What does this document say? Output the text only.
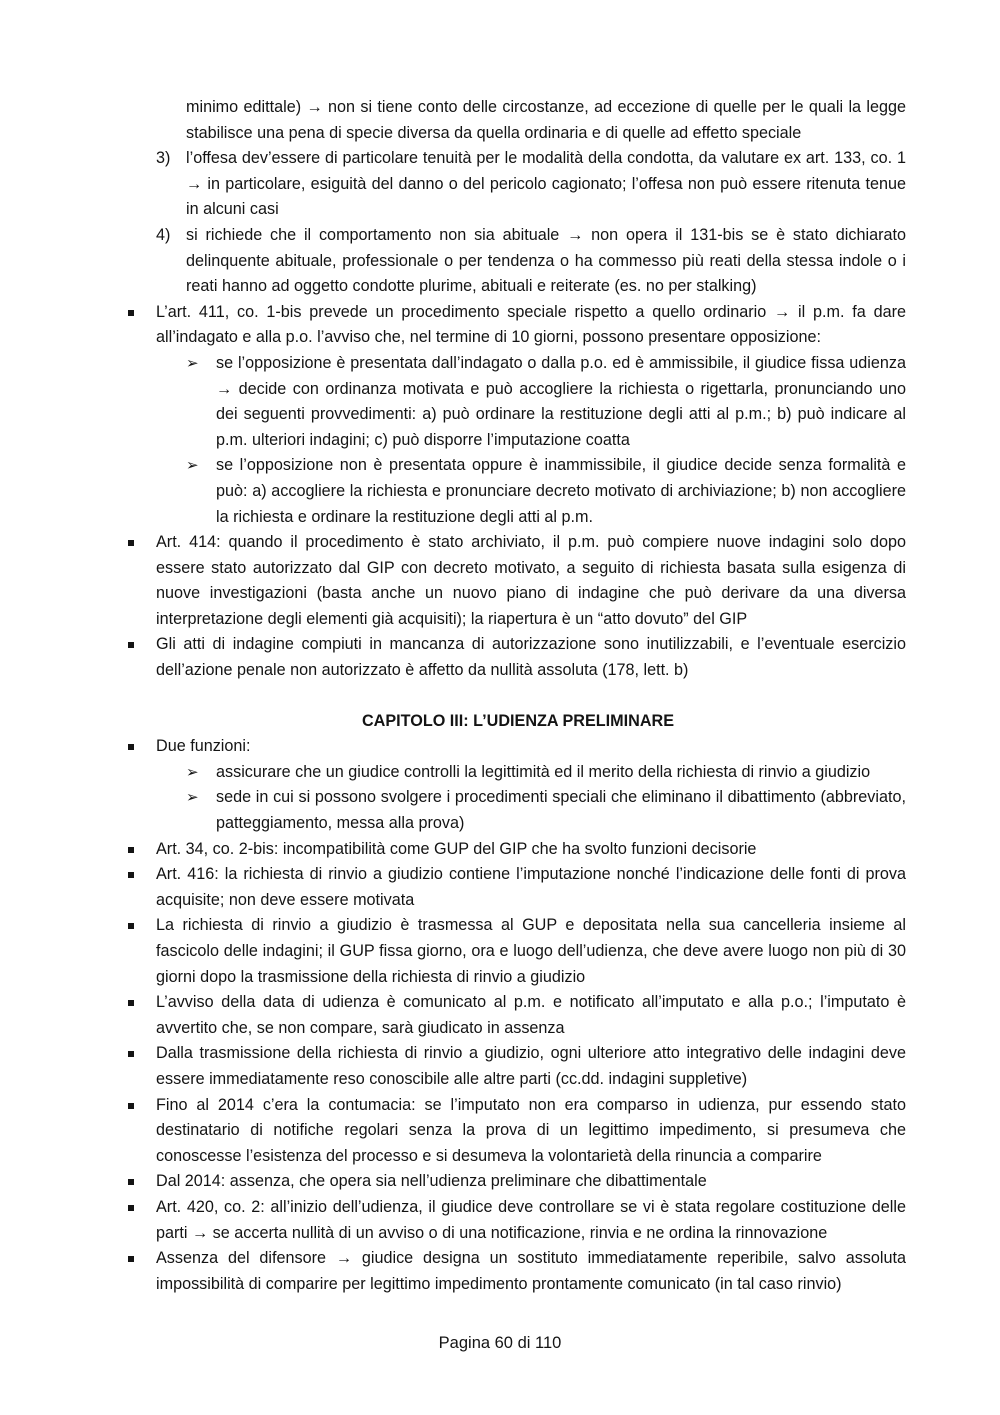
minimo edittale) → non si tiene conto delle circostanze, ad eccezione di quelle per le quali la legge stabilisce una pena di specie diversa da quella ordinaria e di quelle ad effetto speciale
3) l’offesa dev’essere di particolare tenuità per le modalità della condotta, da valutare ex art. 133, co. 1 → in particolare, esiguità del danno o del pericolo cagionato; l’offesa non può essere ritenuta tenue in alcuni casi
4) si richiede che il comportamento non sia abituale → non opera il 131-bis se è stato dichiarato delinquente abituale, professionale o per tendenza o ha commesso più reati della stessa indole o i reati hanno ad oggetto condotte plurime, abituali e reiterate (es. no per stalking)
L’art. 411, co. 1-bis prevede un procedimento speciale rispetto a quello ordinario → il p.m. fa dare all’indagato e alla p.o. l’avviso che, nel termine di 10 giorni, possono presentare opposizione:
➢ se l’opposizione è presentata dall’indagato o dalla p.o. ed è ammissibile, il giudice fissa udienza → decide con ordinanza motivata e può accogliere la richiesta o rigettarla, pronunciando uno dei seguenti provvedimenti: a) può ordinare la restituzione degli atti al p.m.; b) può indicare al p.m. ulteriori indagini; c) può disporre l’imputazione coatta
➢ se l’opposizione non è presentata oppure è inammissibile, il giudice decide senza formalità e può: a) accogliere la richiesta e pronunciare decreto motivato di archiviazione; b) non accogliere la richiesta e ordinare la restituzione degli atti al p.m.
Art. 414: quando il procedimento è stato archiviato, il p.m. può compiere nuove indagini solo dopo essere stato autorizzato dal GIP con decreto motivato, a seguito di richiesta basata sulla esigenza di nuove investigazioni (basta anche un nuovo piano di indagine che può derivare da una diversa interpretazione degli elementi già acquisiti); la riapertura è un “atto dovuto” del GIP
Gli atti di indagine compiuti in mancanza di autorizzazione sono inutilizzabili, e l’eventuale esercizio dell’azione penale non autorizzato è affetto da nullità assoluta (178, lett. b)
CAPITOLO III: L’UDIENZA PRELIMINARE
Due funzioni:
➢ assicurare che un giudice controlli la legittimità ed il merito della richiesta di rinvio a giudizio
➢ sede in cui si possono svolgere i procedimenti speciali che eliminano il dibattimento (abbreviato, patteggiamento, messa alla prova)
Art. 34, co. 2-bis: incompatibilità come GUP del GIP che ha svolto funzioni decisorie
Art. 416: la richiesta di rinvio a giudizio contiene l’imputazione nonché l’indicazione delle fonti di prova acquisite; non deve essere motivata
La richiesta di rinvio a giudizio è trasmessa al GUP e depositata nella sua cancelleria insieme al fascicolo delle indagini; il GUP fissa giorno, ora e luogo dell’udienza, che deve avere luogo non più di 30 giorni dopo la trasmissione della richiesta di rinvio a giudizio
L’avviso della data di udienza è comunicato al p.m. e notificato all’imputato e alla p.o.; l’imputato è avvertito che, se non compare, sarà giudicato in assenza
Dalla trasmissione della richiesta di rinvio a giudizio, ogni ulteriore atto integrativo delle indagini deve essere immediatamente reso conoscibile alle altre parti (cc.dd. indagini suppletive)
Fino al 2014 c’era la contumacia: se l’imputato non era comparso in udienza, pur essendo stato destinatario di notifiche regolari senza la prova di un legittimo impedimento, si presumeva che conoscesse l’esistenza del processo e si desumeva la volontarietà della rinuncia a comparire
Dal 2014: assenza, che opera sia nell’udienza preliminare che dibattimentale
Art. 420, co. 2: all’inizio dell’udienza, il giudice deve controllare se vi è stata regolare costituzione delle parti → se accerta nullità di un avviso o di una notificazione, rinvia e ne ordina la rinnovazione
Assenza del difensore → giudice designa un sostituto immediatamente reperibile, salvo assoluta impossibilità di comparire per legittimo impedimento prontamente comunicato (in tal caso rinvio)
Pagina 60 di 110
